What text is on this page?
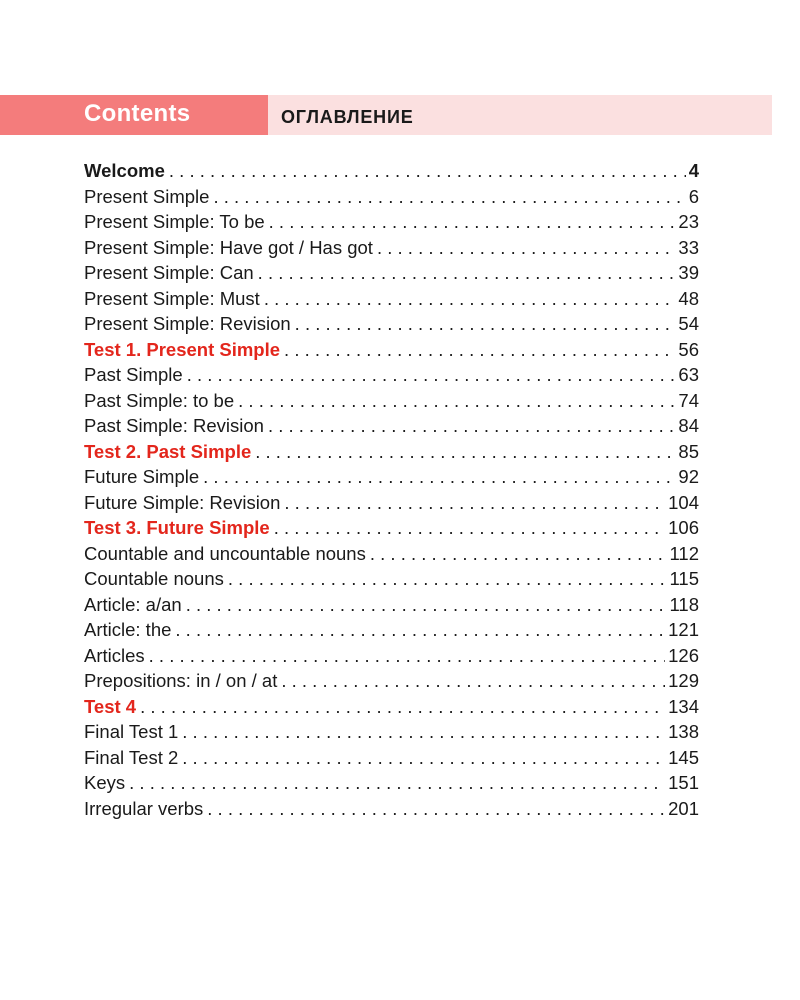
Contents	ОГЛАВЛЕНИЕ
Welcome . . .	4
Present Simple . . .	6
Present Simple: To be . . .	23
Present Simple: Have got / Has got . . .	33
Present Simple: Can . . .	39
Present Simple: Must . . .	48
Present Simple: Revision . . .	54
Test 1. Present Simple . . .	56
Past Simple . . .	63
Past Simple: to be . . .	74
Past Simple: Revision . . .	84
Test 2. Past Simple . . .	85
Future Simple . . .	92
Future Simple: Revision . . .	104
Test 3. Future Simple . . .	106
Countable and uncountable nouns . . .	112
Countable nouns . . .	115
Article: a/an . . .	118
Article: the . . .	121
Articles . . .	126
Prepositions: in / on / at . . .	129
Test 4 . . .	134
Final Test 1 . . .	138
Final Test 2 . . .	145
Keys . . .	151
Irregular verbs . . .	201
